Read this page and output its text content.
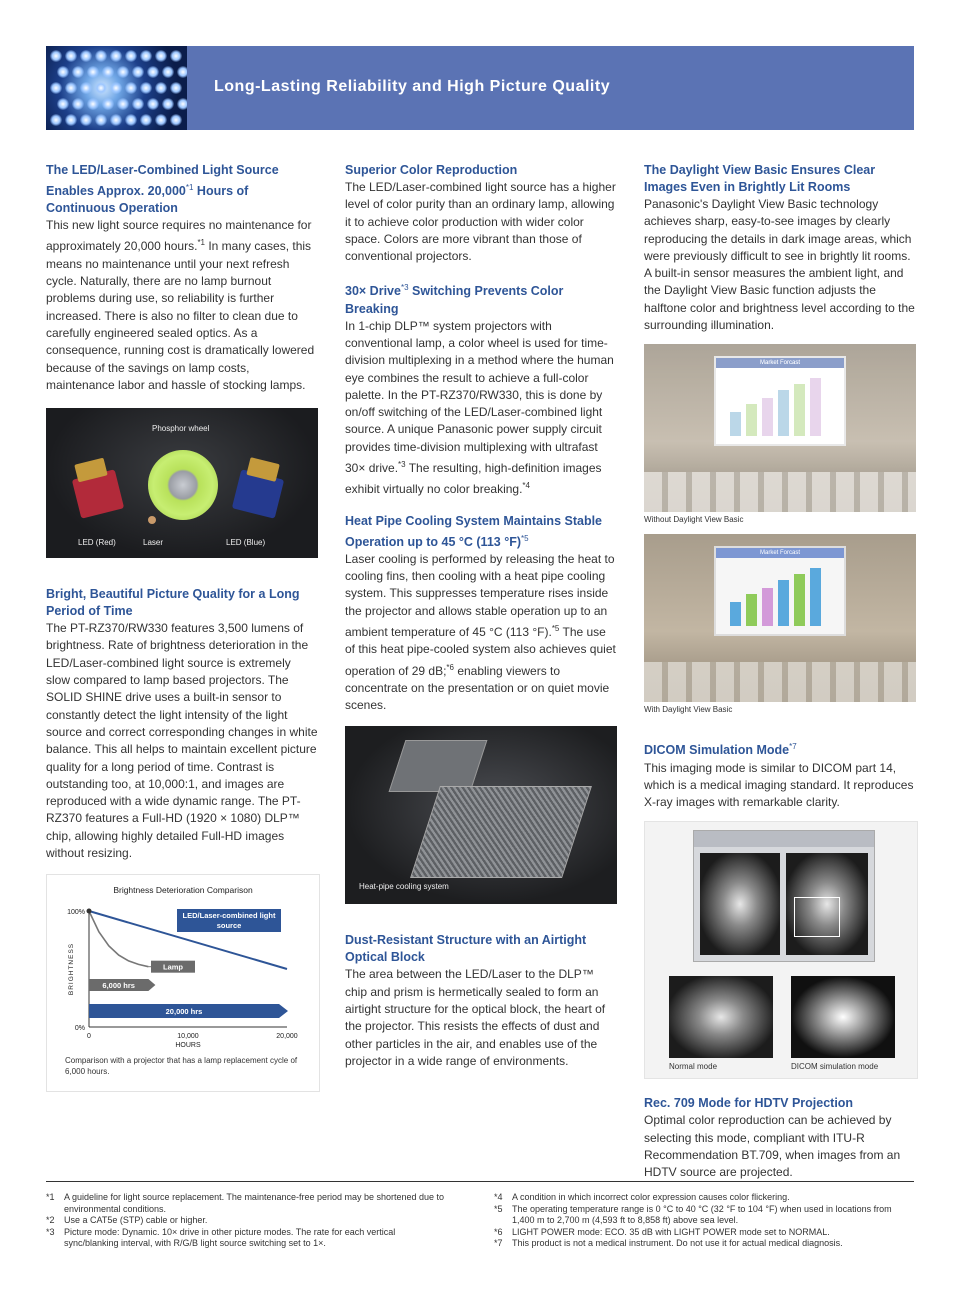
Long-Lasting Reliability and High Picture Quality
The LED/Laser-Combined Light Source Enables Approx. 20,000$^{*1}$ Hours of Continuous Operation

This new light source requires no maintenance for approximately 20,000 hours.$^{*1}$ In many cases, this means no maintenance until your next refresh cycle. Naturally, there are no lamp burnout problems during use, so reliability is further increased. There is also no filter to clean due to carefully engineered sealed optics. As a consequence, running cost is dramatically lowered because of the savings on lamp costs, maintenance labor and hassle of stocking lamps.

Phosphor wheel
LED (Red)	Laser	LED (Blue)
Bright, Beautiful Picture Quality for a Long Period of Time

The PT-RZ370/RW330 features 3,500 lumens of brightness. Rate of brightness deterioration in the LED/Laser-combined light source is extremely slow compared to lamp based projectors. The SOLID SHINE drive uses a built-in sensor to constantly detect the light intensity of the light source and correct corresponding changes in white balance. This all helps to maintain excellent picture quality for a long period of time. Contrast is outstanding too, at 10,000:1, and images are reproduced with a wide dynamic range. The PT-RZ370 features a Full-HD (1920 × 1080) DLP™ chip, allowing highly detailed Full-HD images without resizing.

Brightness Deterioration Comparison
100%
0%
0	10,000	20,000
HOURS
BRIGHTNESS
LED/Laser-combined light
source
Lamp
6,000 hrs
20,000 hrs
Comparison with a projector that has a lamp replacement cycle of 6,000 hours.
Superior Color Reproduction

The LED/Laser-combined light source has a higher level of color purity than an ordinary lamp, allowing it to achieve color production with wider color space. Colors are more vibrant than those of conventional projectors.

30× Drive$^{*3}$ Switching Prevents Color Breaking

In 1-chip DLP™ system projectors with conventional lamp, a color wheel is used for time-division multiplexing in a method where the human eye combines the result to achieve a full-color palette. In the PT-RZ370/RW330, this is done by on/off switching of the LED/Laser-combined light source. A unique Panasonic power supply circuit provides time-division multiplexing with ultrafast 30× drive.$^{*3}$ The resulting, high-definition images exhibit virtually no color breaking.$^{*4}$

Heat Pipe Cooling System Maintains Stable Operation up to 45 °C (113 °F)$^{*5}$

Laser cooling is performed by releasing the heat to cooling fins, then cooling with a heat pipe cooling system. This suppresses temperature rises inside the projector and allows stable operation up to an ambient temperature of 45 °C (113 °F).$^{*5}$ The use of this heat pipe-cooled system also achieves quiet operation of 29 dB;$^{*6}$ enabling viewers to concentrate on the presentation or on quiet movie scenes.

Heat-pipe cooling system
Dust-Resistant Structure with an Airtight Optical Block

The area between the LED/Laser to the DLP™ chip and prism is hermetically sealed to form an airtight structure for the optical block, the heart of the projector. This resists the effects of dust and other particles in the air, and enables use of the projector in a wide range of environments.

The Daylight View Basic Ensures Clear Images Even in Brightly Lit Rooms

Panasonic's Daylight View Basic technology achieves sharp, easy-to-see images by clearly reproducing the details in dark image areas, which were previously difficult to see in brightly lit rooms. A built-in sensor measures the ambient light, and the Daylight View Basic function adjusts the halftone color and brightness level according to the surrounding illumination.

Market Forcast
Without Daylight View Basic
Market Forcast
With Daylight View Basic
DICOM Simulation Mode$^{*7}$

This imaging mode is similar to DICOM part 14, which is a medical imaging standard. It reproduces X-ray images with remarkable clarity.

Normal mode	DICOM simulation mode
Rec. 709 Mode for HDTV Projection

Optimal color reproduction can be achieved by selecting this mode, compliant with ITU-R Recommendation BT.709, when images from an HDTV source are projected.

*1	A guideline for light source replacement. The maintenance-free period may be shortened due to environmental conditions.
*2	Use a CAT5e (STP) cable or higher.
*3	Picture mode: Dynamic. 10× drive in other picture modes. The rate for each vertical sync/blanking interval, with R/G/B light source switching set to 1×.
*4	A condition in which incorrect color expression causes color flickering.
*5	The operating temperature range is 0 °C to 40 °C (32 °F to 104 °F) when used in locations from 1,400 m to 2,700 m (4,593 ft to 8,858 ft) above sea level.
*6	LIGHT POWER mode: ECO. 35 dB with LIGHT POWER mode set to NORMAL.
*7	This product is not a medical instrument. Do not use it for actual medical diagnosis.
